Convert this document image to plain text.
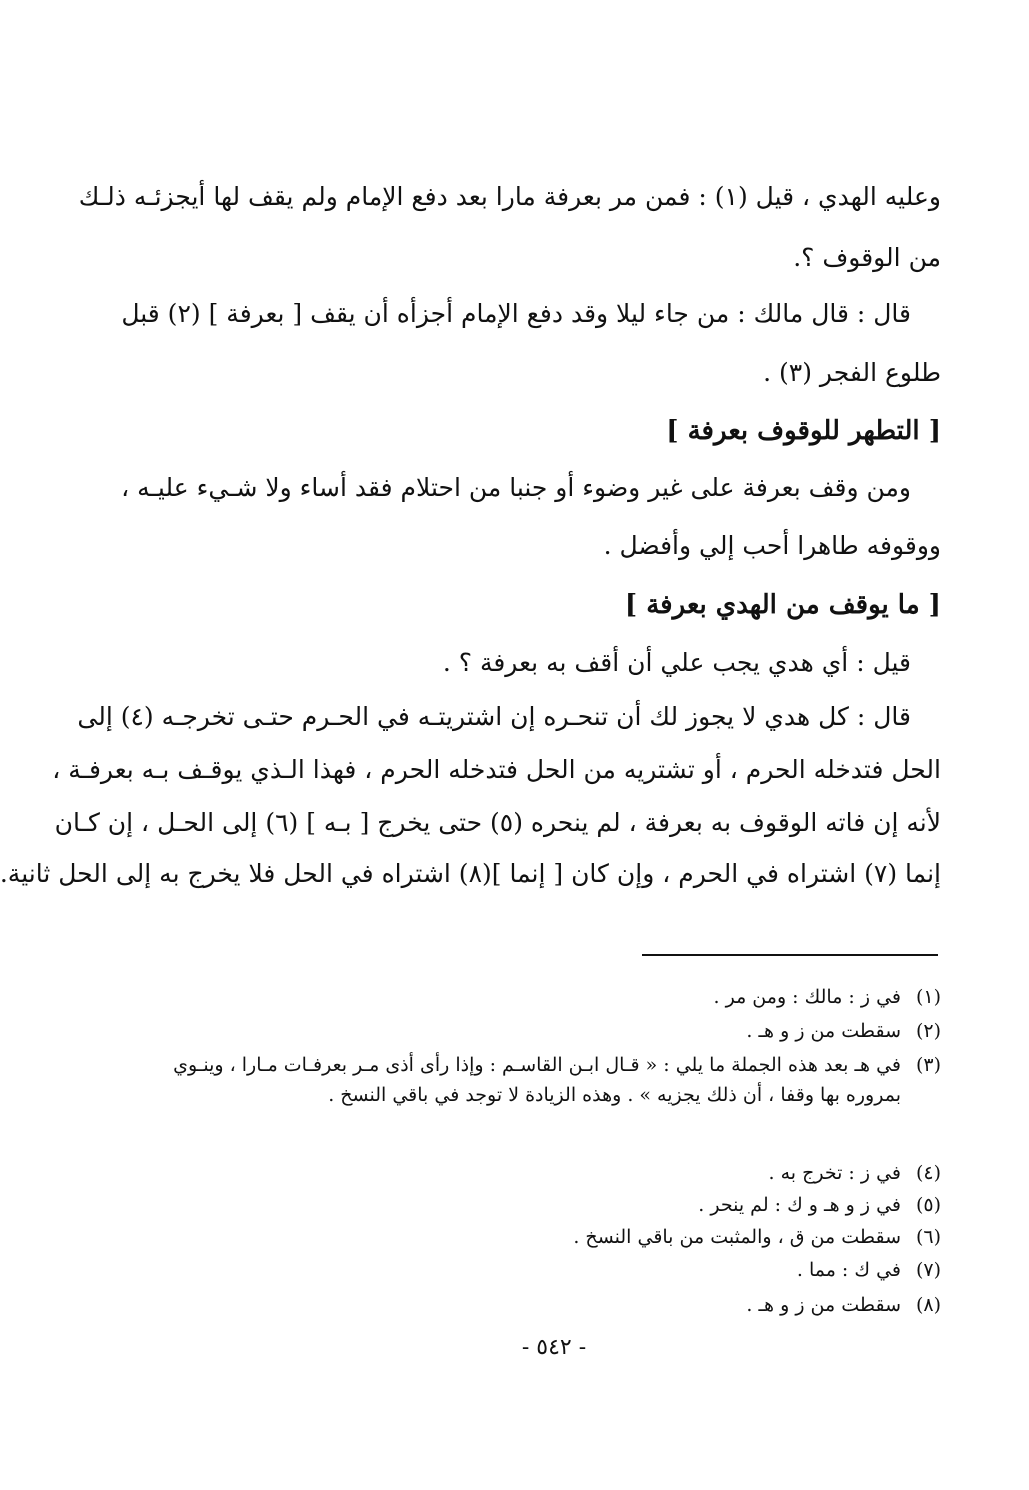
وعليه الهدي ، قيل (١) : فمن مر بعرفة مارا بعد دفع الإمام ولم يقف لها أيجزئـه ذلـك
من الوقوف ؟.
قال : قال مالك : من جاء ليلا وقد دفع الإمام أجزأه أن يقف [ بعرفة ] (٢) قبل
طلوع الفجر (٣) .
[ التطهر للوقوف بعرفة ]
ومن وقف بعرفة على غير وضوء أو جنبا من احتلام فقد أساء ولا شـيء عليـه ،
ووقوفه طاهرا أحب إلي وأفضل .
[ ما يوقف من الهدي بعرفة ]
قيل : أي هدي يجب علي أن أقف به بعرفة ؟ .
قال : كل هدي لا يجوز لك أن تنحـره إن اشتريتـه في الحـرم حتـى تخرجـه (٤) إلى
الحل فتدخله الحرم ، أو تشتريه من الحل فتدخله الحرم ، فهذا الـذي يوقـف بـه بعرفـة ،
لأنه إن فاته الوقوف به بعرفة ، لم ينحره (٥) حتى يخرج [ بـه ] (٦) إلى الحـل ، إن كـان
إنما (٧) اشتراه في الحرم ، وإن كان [ إنما ](٨) اشتراه في الحل فلا يخرج به إلى الحل ثانية.
(١)في ز : مالك : ومن مر .
(٢)سقطت من ز و هـ .
(٣)في هـ بعد هذه الجملة ما يلي : « قـال ابـن القاسـم : وإذا رأى أذى مـر بعرفـات مـارا ، وينـوي

بمروره بها وقفا ، أن ذلك يجزيه » . وهذه الزيادة لا توجد في باقي النسخ .
(٤)في ز : تخرج به .
(٥)في ز و هـ و ك : لم ينحر .
(٦)سقطت من ق ، والمثبت من باقي النسخ .
(٧)في ك : مما .
(٨)سقطت من ز و هـ .
- ٥٤٢ -
